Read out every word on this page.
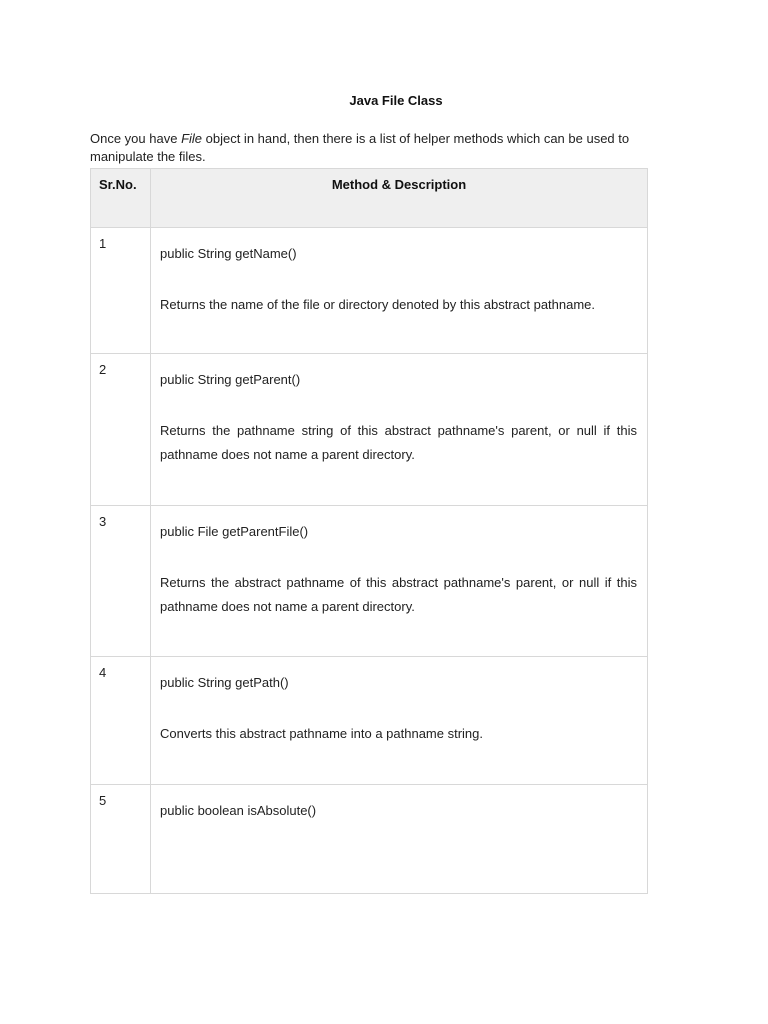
Java File Class
Once you have File object in hand, then there is a list of helper methods which can be used to manipulate the files.
Sr.No.	Method & Description
1	public String getName()

Returns the name of the file or directory denoted by this abstract pathname.

2	public String getParent()

Returns the pathname string of this abstract pathname's parent, or null if this pathname does not name a parent directory.

3	public File getParentFile()

Returns the abstract pathname of this abstract pathname's parent, or null if this pathname does not name a parent directory.

4	public String getPath()

Converts this abstract pathname into a pathname string.

5	public boolean isAbsolute()
